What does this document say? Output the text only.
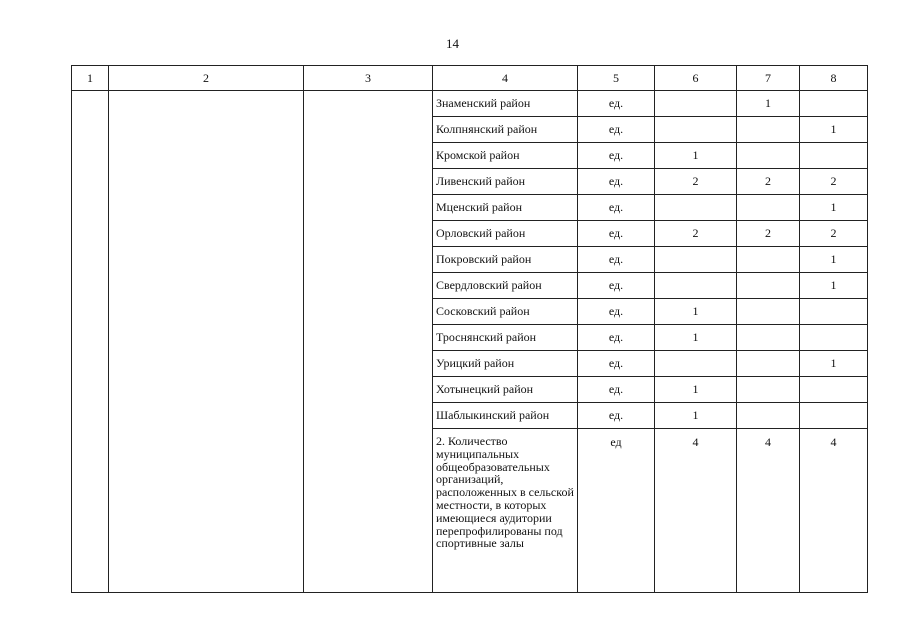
14
1	2	3	4	5	6	7	8
			Знаменский район	ед.		1	
			Колпнянский район	ед.			1
			Кромской район	ед.	1		
			Ливенский район	ед.	2	2	2
			Мценский район	ед.			1
			Орловский район	ед.	2	2	2
			Покровский район	ед.			1
			Свердловский район	ед.			1
			Сосковский район	ед.	1		
			Троснянский район	ед.	1		
			Урицкий район	ед.			1
			Хотынецкий район	ед.	1		
			Шаблыкинский район	ед.	1		
			2. Количество муниципальных общеобразовательных организаций, расположенных в сельской местности, в которых имеющиеся аудитории перепрофилированы под спортивные залы	ед	4	4	4
